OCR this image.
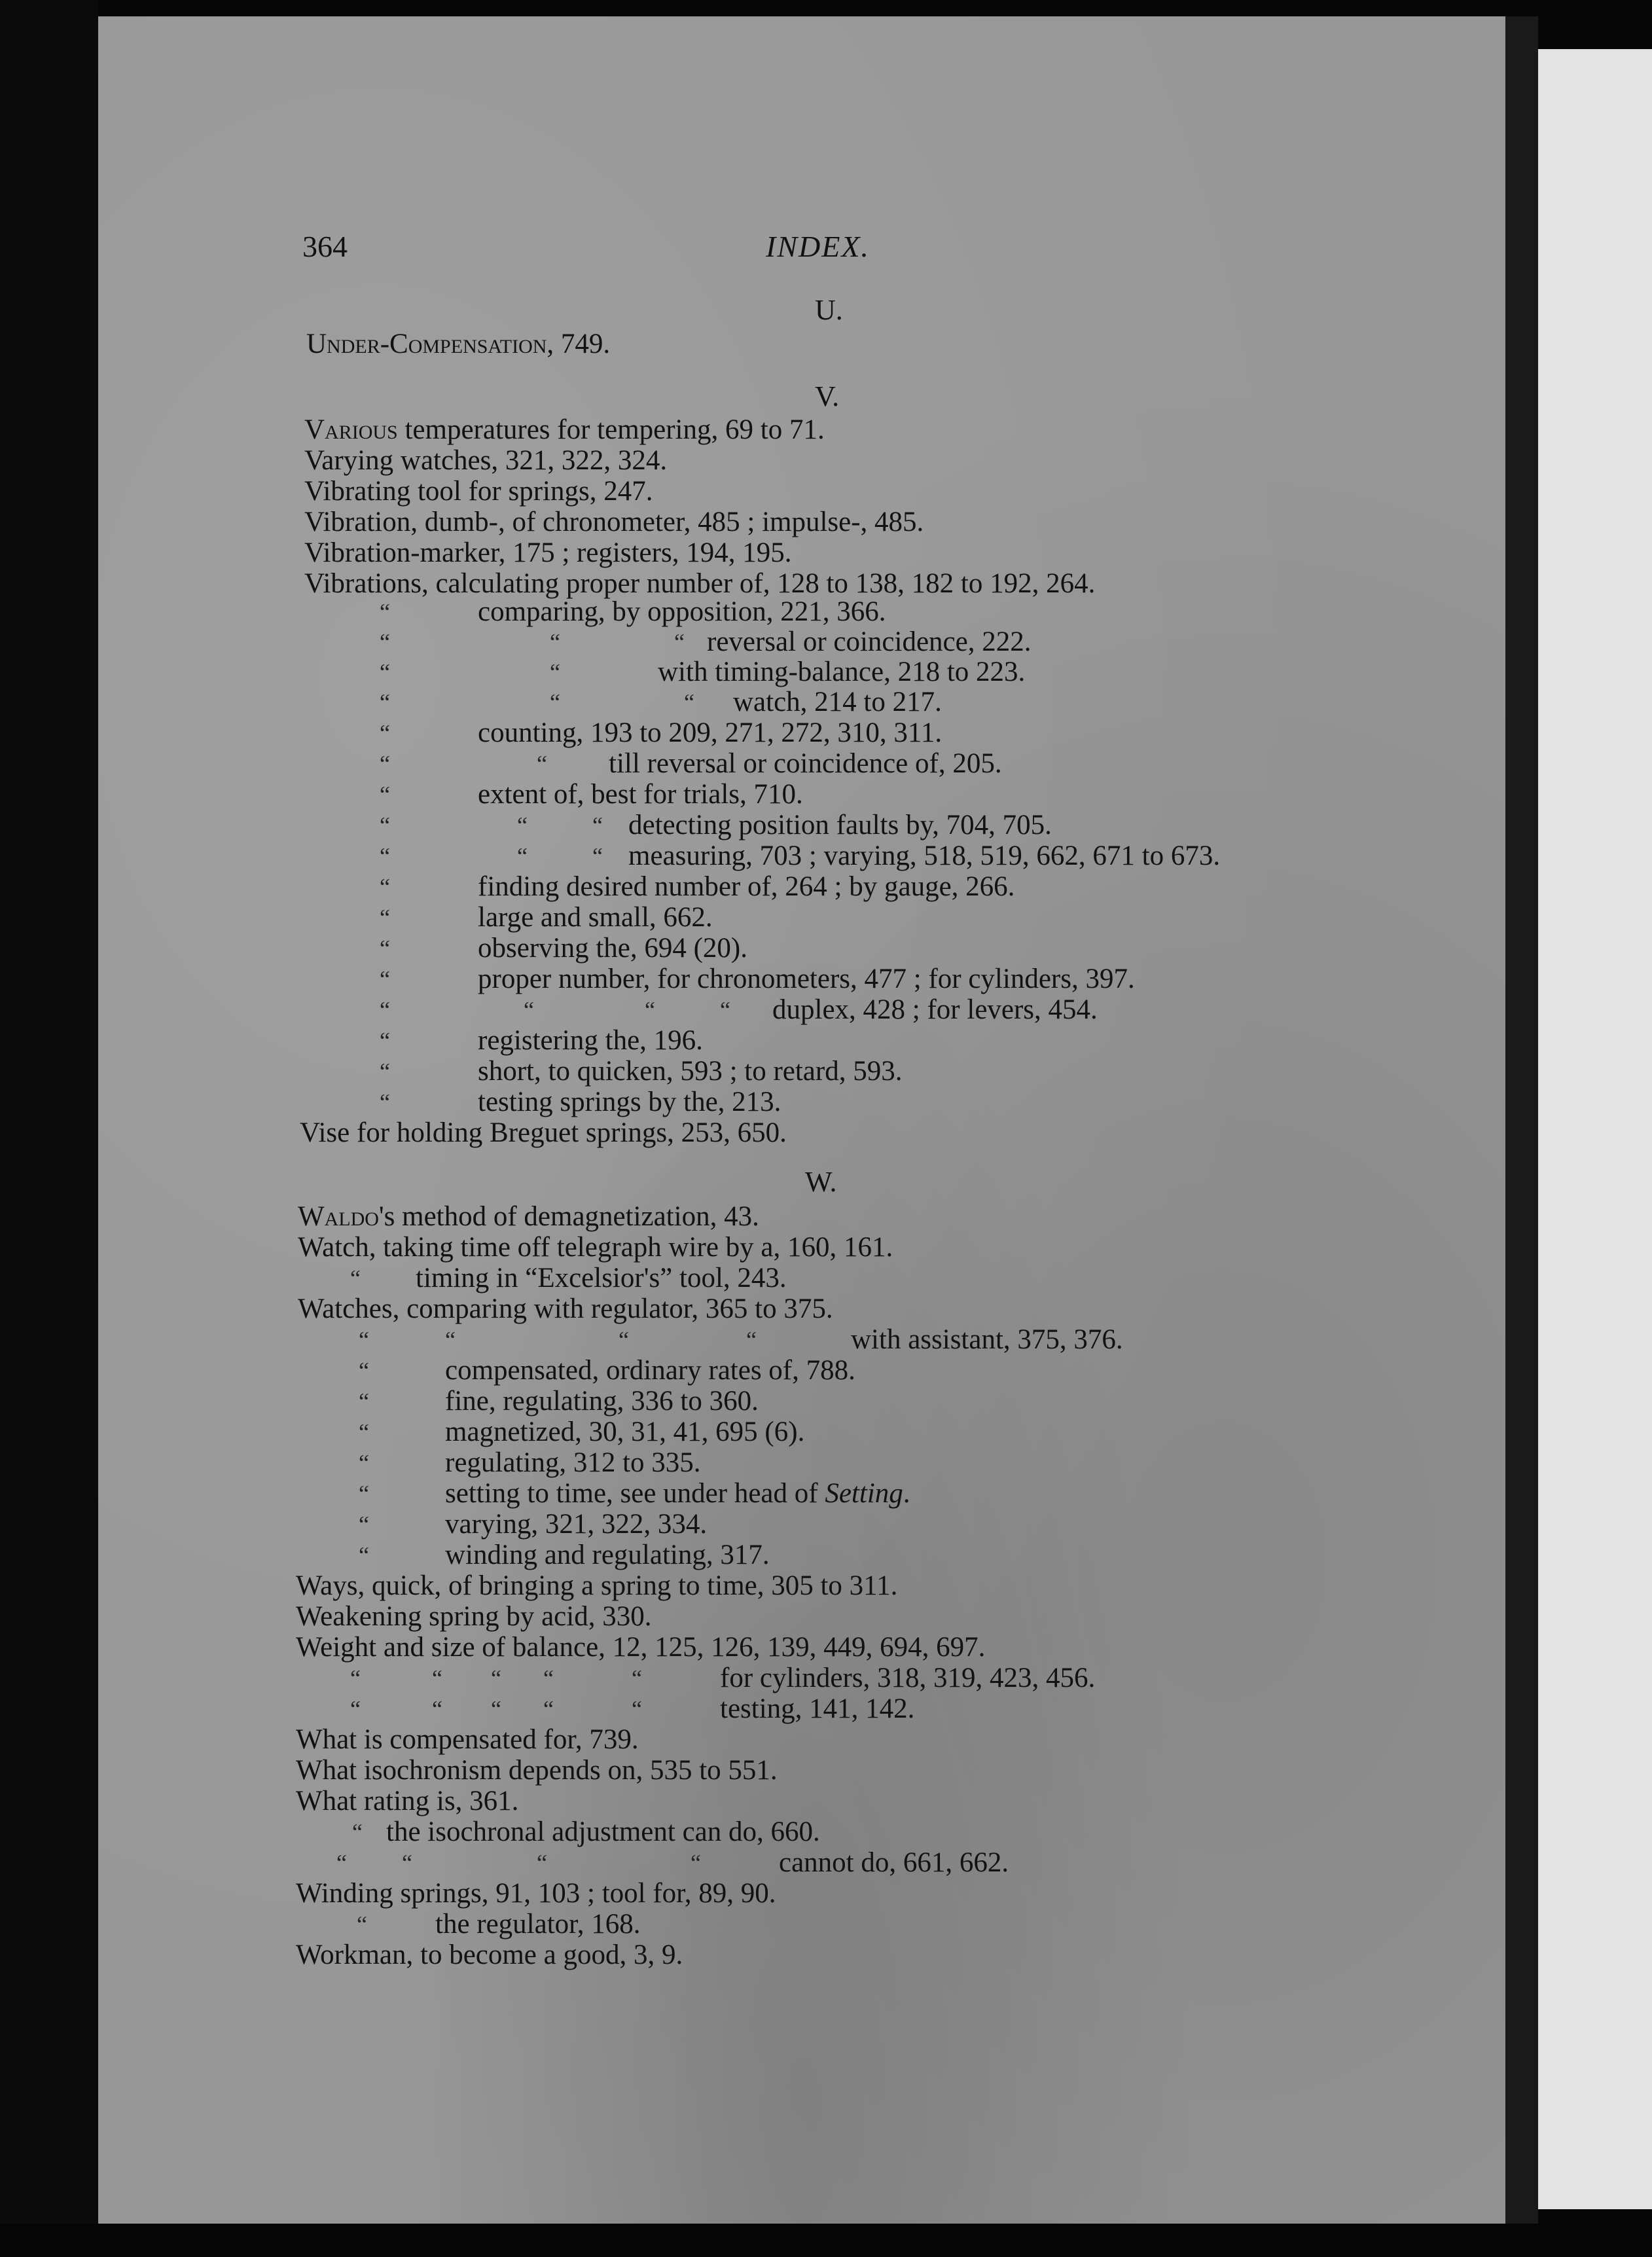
364	INDEX.
U.
Under-Compensation, 749.
V.
Various temperatures for tempering, 69 to 71.
Varying watches, 321, 322, 324.
Vibrating tool for springs, 247.
Vibration, dumb-, of chronometer, 485 ; impulse-, 485.
Vibration-marker, 175 ; registers, 194, 195.
Vibrations, calculating proper number of, 128 to 138, 182 to 192, 264.
“	comparing, by opposition, 221, 366.
“	“	“ reversal or coincidence, 222.
“	“	with timing-balance, 218 to 223.
“	“	“ watch, 214 to 217.
“	counting, 193 to 209, 271, 272, 310, 311.
“	“ till reversal or coincidence of, 205.
“	extent of, best for trials, 710.
“	“	“ detecting position faults by, 704, 705.
“	“	“ measuring, 703 ; varying, 518, 519, 662, 671 to 673.
“	finding desired number of, 264 ; by gauge, 266.
“	large and small, 662.
“	observing the, 694 (20).
“	proper number, for chronometers, 477 ; for cylinders, 397.
“	“	“	“ duplex, 428 ; for levers, 454.
“	registering the, 196.
“	short, to quicken, 593 ; to retard, 593.
“	testing springs by the, 213.
Vise for holding Breguet springs, 253, 650.
W.
Waldo's method of demagnetization, 43.
Watch, taking time off telegraph wire by a, 160, 161.
“ timing in “Excelsior's” tool, 243.
Watches, comparing with regulator, 365 to 375.
“	“	“	“	with assistant, 375, 376.
“	compensated, ordinary rates of, 788.
“	fine, regulating, 336 to 360.
“	magnetized, 30, 31, 41, 695 (6).
“	regulating, 312 to 335.
“	setting to time, see under head of Setting.
“	varying, 321, 322, 334.
“	winding and regulating, 317.
Ways, quick, of bringing a spring to time, 305 to 311.
Weakening spring by acid, 330.
Weight and size of balance, 12, 125, 126, 139, 449, 694, 697.
“	“ “ “	“	for cylinders, 318, 319, 423, 456.
“	“ “ “	“	testing, 141, 142.
What is compensated for, 739.
What isochronism depends on, 535 to 551.
What rating is, 361.
“ the isochronal adjustment can do, 660.
“ “	“	“	cannot do, 661, 662.
Winding springs, 91, 103 ; tool for, 89, 90.
“ the regulator, 168.
Workman, to become a good, 3, 9.
